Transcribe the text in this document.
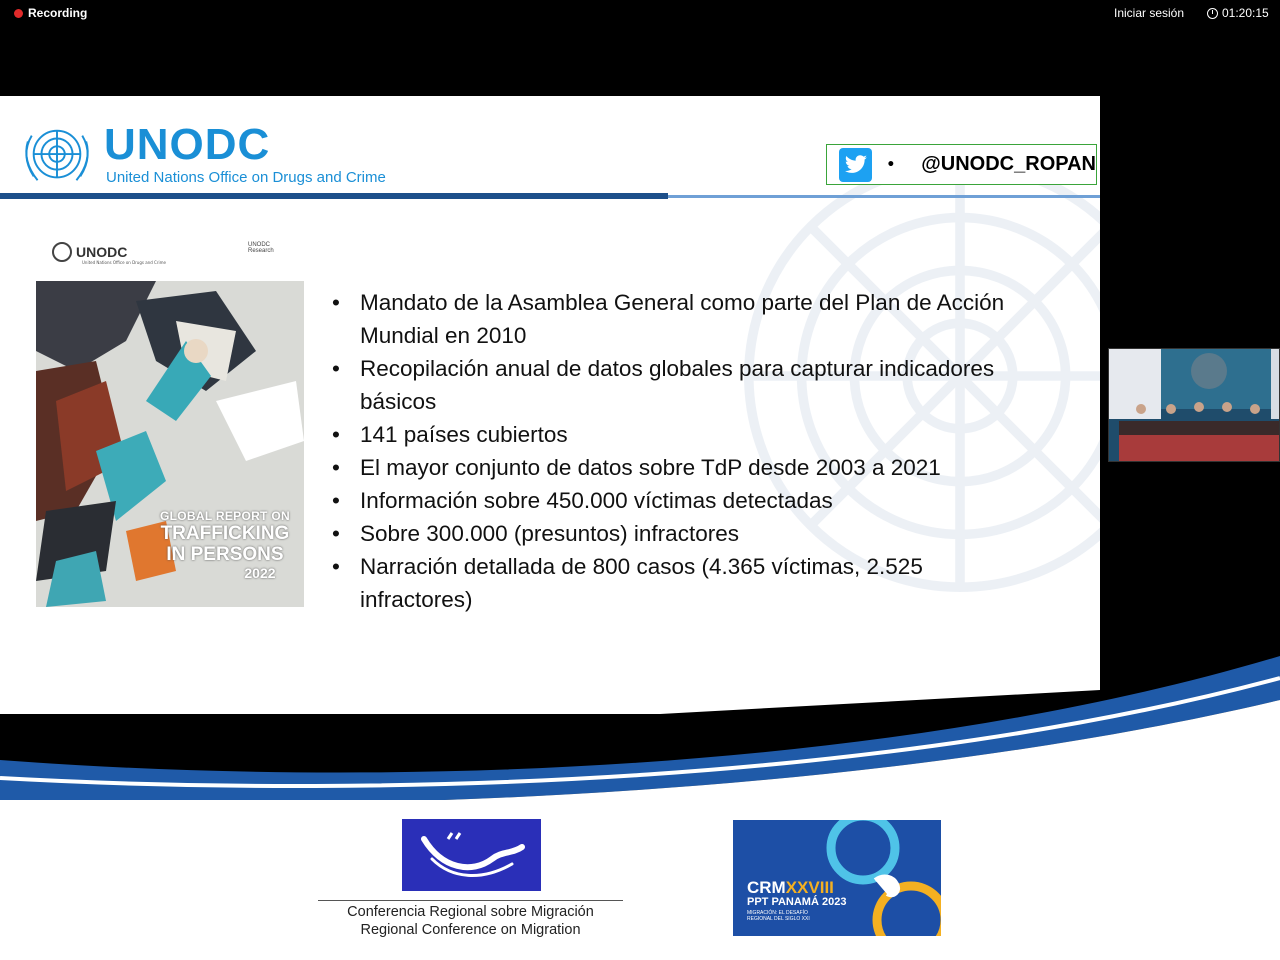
Recording	Iniciar sesión	01:20:15
UNODC
United Nations Office on Drugs and Crime
• @UNODC_ROPAN
UNODC
United Nations Office on Drugs and Crime
UNODC Research
GLOBAL REPORT ON
TRAFFICKING
IN PERSONS
2022
• Mandato de la Asamblea General como parte del Plan de Acción Mundial en 2010
• Recopilación anual de datos globales para capturar indicadores básicos
• 141 países cubiertos
• El mayor conjunto de datos sobre TdP desde 2003 a 2021
• Información sobre 450.000 víctimas detectadas
• Sobre 300.000 (presuntos) infractores
• Narración detallada de 800 casos (4.365 víctimas, 2.525 infractores)
Conferencia Regional sobre Migración
Regional Conference on Migration
CRMXXVIII
PPT PANAMÁ 2023
MIGRACIÓN: EL DESAFÍO REGIONAL DEL SIGLO XXI
